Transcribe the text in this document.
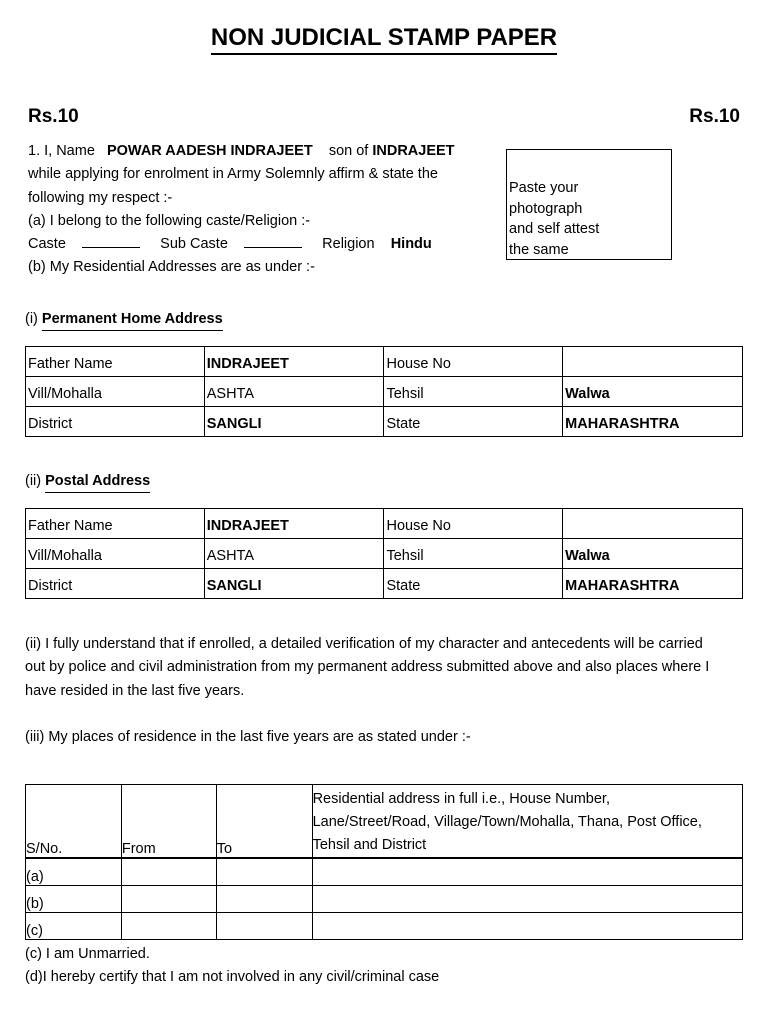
NON JUDICIAL STAMP PAPER
Rs.10	Rs.10
1. I, Name POWAR AADESH INDRAJEET son of INDRAJEET
while applying for enrolment in Army Solemnly affirm & state the
following my respect :-
(a) I belong to the following caste/Religion :-
Caste	Sub Caste	Religion Hindu
(b) My Residential Addresses are as under :-
Paste your
photograph
and self attest
the same
(i) Permanent Home Address
Father Name	INDRAJEET	House No	
Vill/Mohalla	ASHTA	Tehsil	Walwa
District	SANGLI	State	MAHARASHTRA
(ii) Postal Address
Father Name	INDRAJEET	House No	
Vill/Mohalla	ASHTA	Tehsil	Walwa
District	SANGLI	State	MAHARASHTRA
(ii) I fully understand that if enrolled, a detailed verification of my character and antecedents will be carried
out by police and civil administration from my permanent address submitted above and also places where I
have resided in the last five years.
(iii) My places of residence in the last five years are as stated under :-
S/No.	From	To	Residential address in full i.e., House Number,
Lane/Street/Road, Village/Town/Mohalla, Thana, Post Office,
Tehsil and District

(a)			
(b)			
(c)			
(c) I am Unmarried.
(d)I hereby certify that I am not involved in any civil/criminal case
